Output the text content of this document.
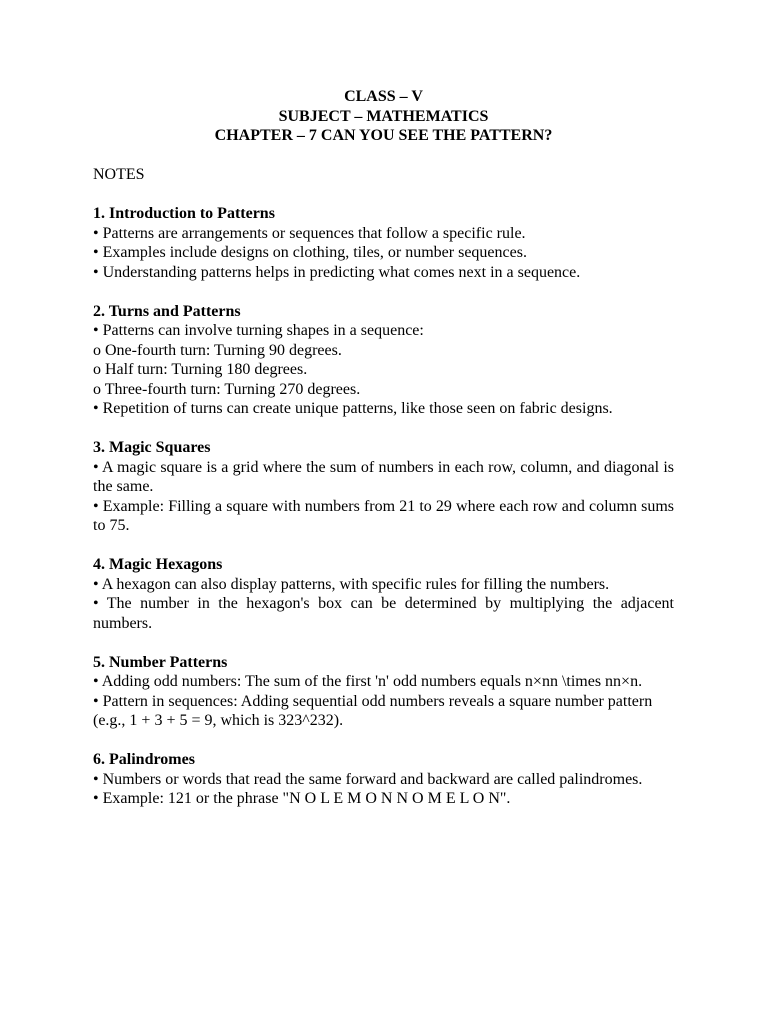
CLASS – V
SUBJECT – MATHEMATICS
CHAPTER – 7 CAN YOU SEE THE PATTERN?
NOTES
1. Introduction to Patterns
• Patterns are arrangements or sequences that follow a specific rule.
• Examples include designs on clothing, tiles, or number sequences.
• Understanding patterns helps in predicting what comes next in a sequence.
2. Turns and Patterns
• Patterns can involve turning shapes in a sequence:
o One-fourth turn: Turning 90 degrees.
o Half turn: Turning 180 degrees.
o Three-fourth turn: Turning 270 degrees.
• Repetition of turns can create unique patterns, like those seen on fabric designs.
3. Magic Squares
• A magic square is a grid where the sum of numbers in each row, column, and diagonal is the same.
• Example: Filling a square with numbers from 21 to 29 where each row and column sums to 75.
4. Magic Hexagons
• A hexagon can also display patterns, with specific rules for filling the numbers.
• The number in the hexagon's box can be determined by multiplying the adjacent numbers.
5. Number Patterns
• Adding odd numbers: The sum of the first 'n' odd numbers equals n×nn \times nn×n.
• Pattern in sequences: Adding sequential odd numbers reveals a square number pattern
(e.g., 1 + 3 + 5 = 9, which is 323^232).
6. Palindromes
• Numbers or words that read the same forward and backward are called palindromes.
• Example: 121 or the phrase "N O L E M O N N O M E L O N".
